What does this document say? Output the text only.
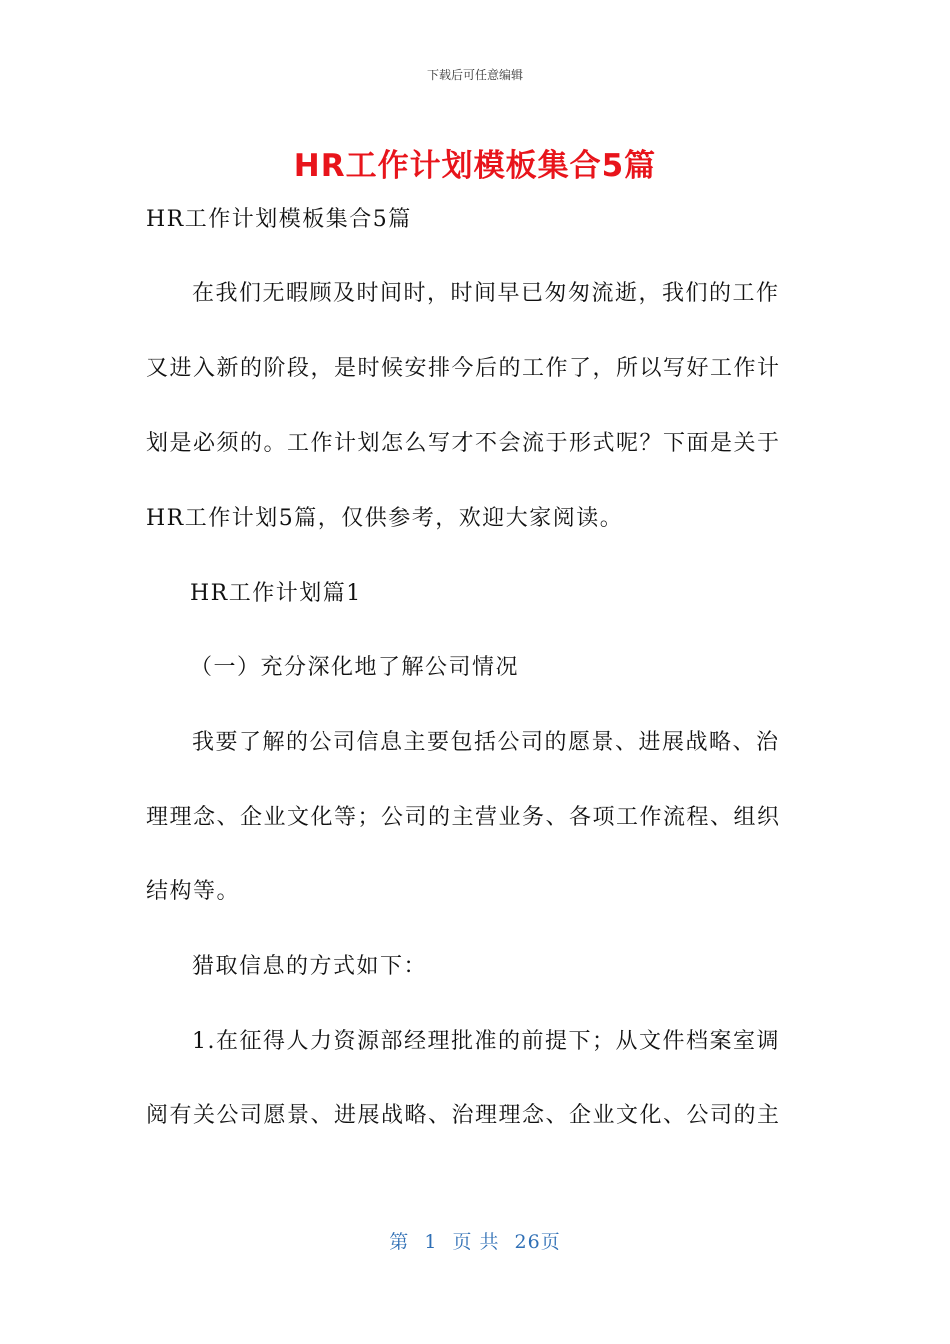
下载后可任意编辑
HR工作计划模板集合5篇
HR工作计划模板集合5篇
在我们无暇顾及时间时，时间早已匆匆流逝，我们的工作
又进入新的阶段，是时候安排今后的工作了，所以写好工作计
划是必须的。工作计划怎么写才不会流于形式呢？下面是关于
HR工作计划5篇，仅供参考，欢迎大家阅读。
HR工作计划篇1
（一）充分深化地了解公司情况
我要了解的公司信息主要包括公司的愿景、进展战略、治
理理念、企业文化等；公司的主营业务、各项工作流程、组织
结构等。
猎取信息的方式如下：
1.在征得人力资源部经理批准的前提下；从文件档案室调
阅有关公司愿景、进展战略、治理理念、企业文化、公司的主
第 1 页 共 26页
